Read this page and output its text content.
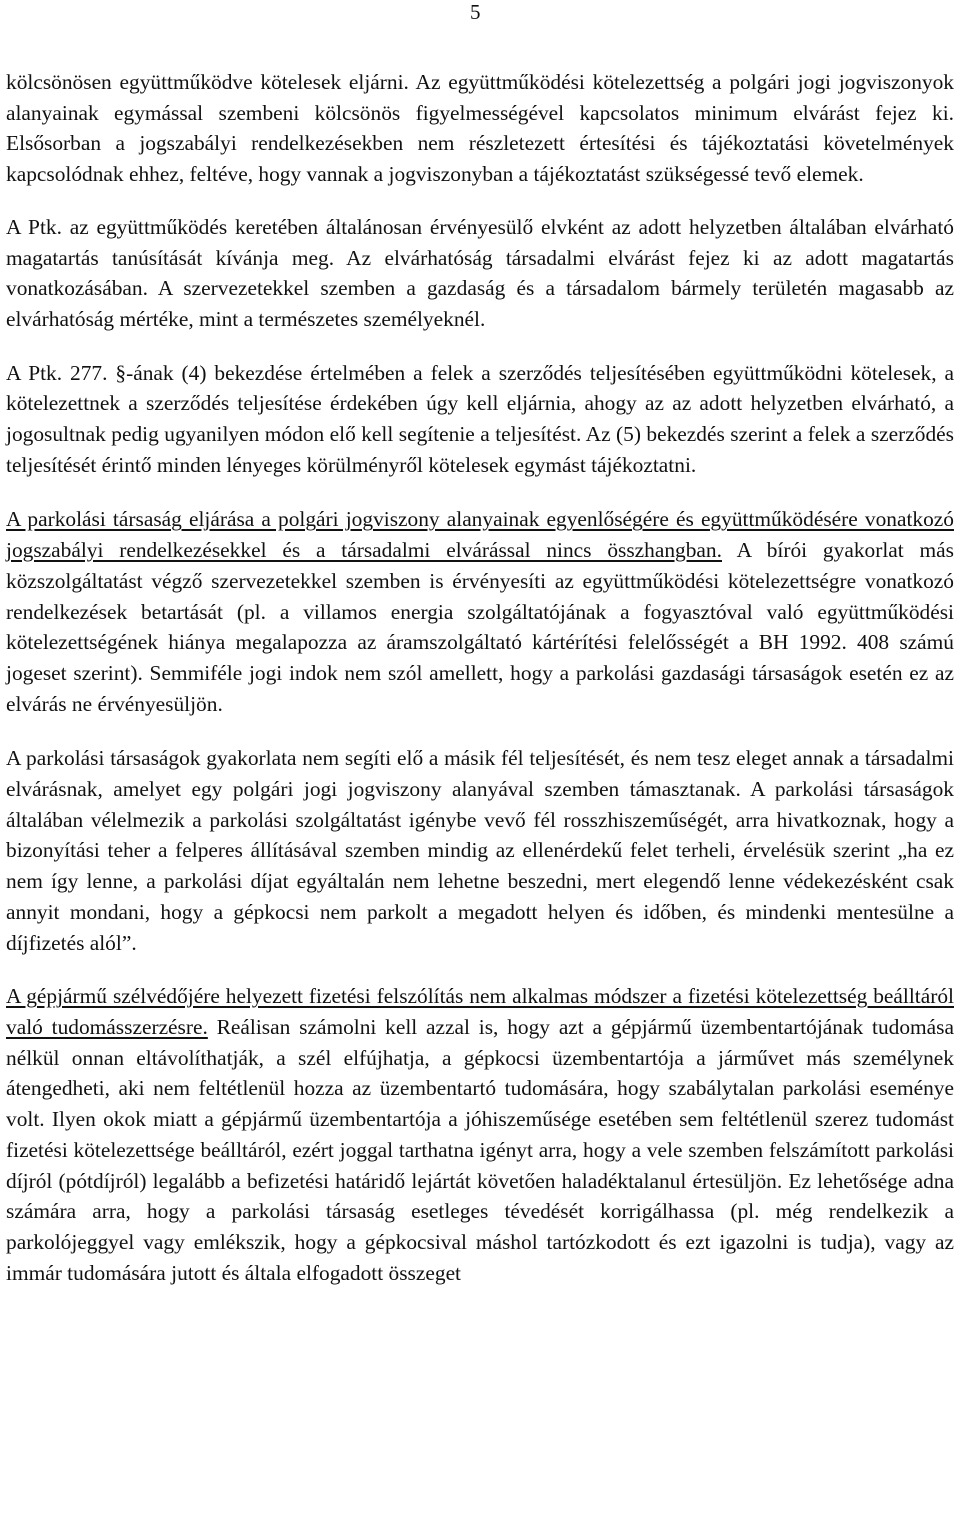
5

kölcsönösen együttműködve kötelesek eljárni. Az együttműködési kötelezettség a polgári jogi jogviszonyok alanyainak egymással szembeni kölcsönös figyelmességével kapcsolatos minimum elvárást fejez ki. Elsősorban a jogszabályi rendelkezésekben nem részletezett értesítési és tájékoztatási követelmények kapcsolódnak ehhez, feltéve, hogy vannak a jogviszonyban a tájékoztatást szükségessé tevő elemek.

A Ptk. az együttműködés keretében általánosan érvényesülő elvként az adott helyzetben általában elvárható magatartás tanúsítását kívánja meg. Az elvárhatóság társadalmi elvárást fejez ki az adott magatartás vonatkozásában. A szervezetekkel szemben a gazdaság és a társadalom bármely területén magasabb az elvárhatóság mértéke, mint a természetes személyeknél.

A Ptk. 277. §-ának (4) bekezdése értelmében a felek a szerződés teljesítésében együttműködni kötelesek, a kötelezettnek a szerződés teljesítése érdekében úgy kell eljárnia, ahogy az az adott helyzetben elvárható, a jogosultnak pedig ugyanilyen módon elő kell segítenie a teljesítést. Az (5) bekezdés szerint a felek a szerződés teljesítését érintő minden lényeges körülményről kötelesek egymást tájékoztatni.

A parkolási társaság eljárása a polgári jogviszony alanyainak egyenlőségére és együttműködésére vonatkozó jogszabályi rendelkezésekkel és a társadalmi elvárással nincs összhangban. A bírói gyakorlat más közszolgáltatást végző szervezetekkel szemben is érvényesíti az együttműködési kötelezettségre vonatkozó rendelkezések betartását (pl. a villamos energia szolgáltatójának a fogyasztóval való együttműködési kötelezettségének hiánya megalapozza az áramszolgáltató kártérítési felelősségét a BH 1992. 408 számú jogeset szerint). Semmiféle jogi indok nem szól amellett, hogy a parkolási gazdasági társaságok esetén ez az elvárás ne érvényesüljön.

A parkolási társaságok gyakorlata nem segíti elő a másik fél teljesítését, és nem tesz eleget annak a társadalmi elvárásnak, amelyet egy polgári jogi jogviszony alanyával szemben támasztanak. A parkolási társaságok általában vélelmezik a parkolási szolgáltatást igénybe vevő fél rosszhiszeműségét, arra hivatkoznak, hogy a bizonyítási teher a felperes állításával szemben mindig az ellenérdekű felet terheli, érvelésük szerint „ha ez nem így lenne, a parkolási díjat egyáltalán nem lehetne beszedni, mert elegendő lenne védekezésként csak annyit mondani, hogy a gépkocsi nem parkolt a megadott helyen és időben, és mindenki mentesülne a díjfizetés alól”.

A gépjármű szélvédőjére helyezett fizetési felszólítás nem alkalmas módszer a fizetési kötelezettség beálltáról való tudomásszerzésre. Reálisan számolni kell azzal is, hogy azt a gépjármű üzembentartójának tudomása nélkül onnan eltávolíthatják, a szél elfújhatja, a gépkocsi üzembentartója a járművet más személynek átengedheti, aki nem feltétlenül hozza az üzembentartó tudomására, hogy szabálytalan parkolási eseménye volt. Ilyen okok miatt a gépjármű üzembentartója a jóhiszeműsége esetében sem feltétlenül szerez tudomást fizetési kötelezettsége beálltáról, ezért joggal tarthatna igényt arra, hogy a vele szemben felszámított parkolási díjról (pótdíjról) legalább a befizetési határidő lejártát követően haladéktalanul értesüljön. Ez lehetősége adna számára arra, hogy a parkolási társaság esetleges tévedését korrigálhassa (pl. még rendelkezik a parkolójeggyel vagy emlékszik, hogy a gépkocsival máshol tartózkodott és ezt igazolni is tudja), vagy az immár tudomására jutott és általa elfogadott összeget
